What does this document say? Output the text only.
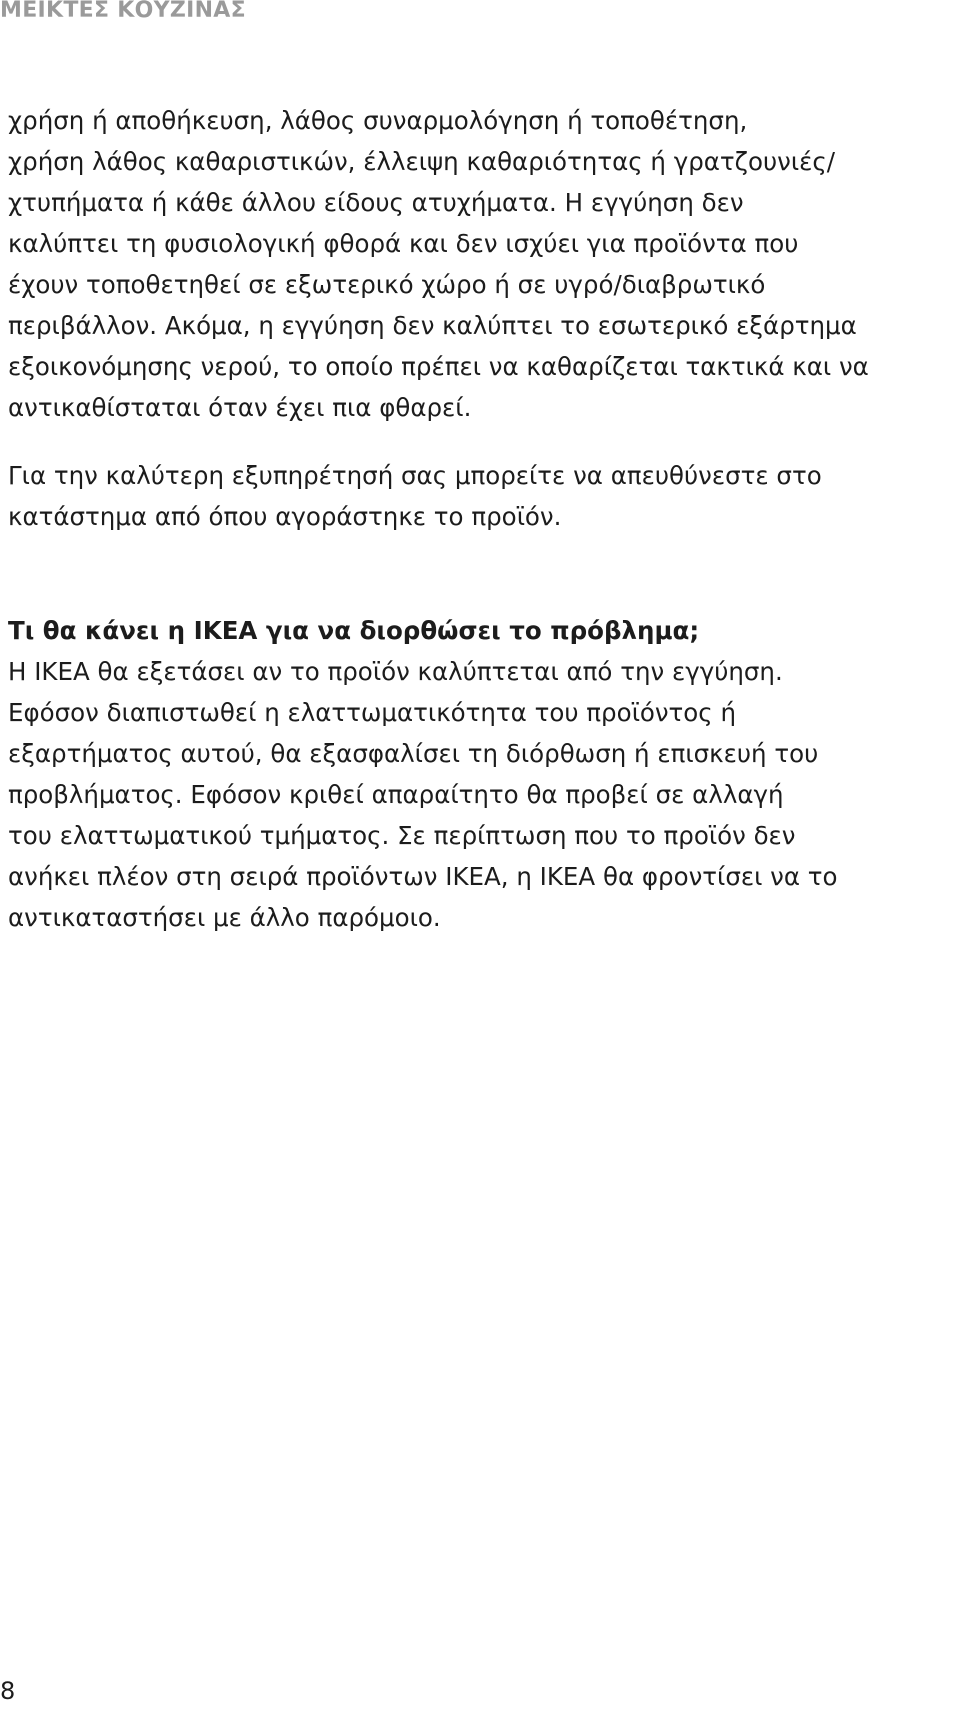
ΜΕΙΚΤΕΣ ΚΟΥΖΙΝΑΣ

χρήση ή αποθήκευση, λάθος συναρμολόγηση ή τοποθέτηση,
χρήση λάθος καθαριστικών, έλλειψη καθαριότητας ή γρατζουνιές/
χτυπήματα ή κάθε άλλου είδους ατυχήματα. Η εγγύηση δεν
καλύπτει τη φυσιολογική φθορά και δεν ισχύει για προϊόντα που
έχουν τοποθετηθεί σε εξωτερικό χώρο ή σε υγρό/διαβρωτικό
περιβάλλον. Ακόμα, η εγγύηση δεν καλύπτει το εσωτερικό εξάρτημα
εξοικονόμησης νερού, το οποίο πρέπει να καθαρίζεται τακτικά και να
αντικαθίσταται όταν έχει πια φθαρεί.

Για την καλύτερη εξυπηρέτησή σας μπορείτε να απευθύνεστε στο
κατάστημα από όπου αγοράστηκε το προϊόν.

Τι θα κάνει η IKEA για να διορθώσει το πρόβλημα;
Η IKEA θα εξετάσει αν το προϊόν καλύπτεται από την εγγύηση.
Εφόσον διαπιστωθεί η ελαττωματικότητα του προϊόντος ή
εξαρτήματος αυτού, θα εξασφαλίσει τη διόρθωση ή επισκευή του
προβλήματος. Εφόσον κριθεί απαραίτητο θα προβεί σε αλλαγή
του ελαττωματικού τμήματος. Σε περίπτωση που το προϊόν δεν
ανήκει πλέον στη σειρά προϊόντων IKEA, η IKEA θα φροντίσει να το
αντικαταστήσει με άλλο παρόμοιο.

8
